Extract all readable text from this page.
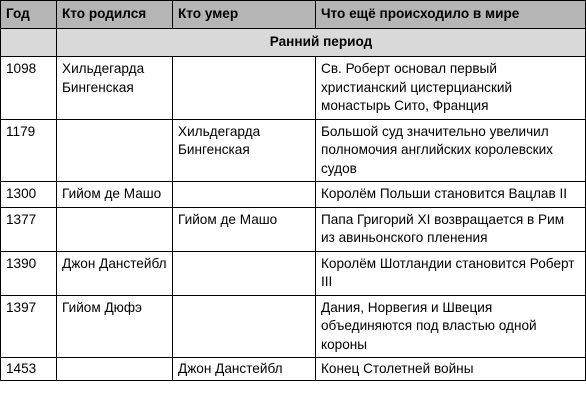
Год	Кто родился	Кто умер	Что ещё происходило в мире
	Ранний период		
1098	Хильдегарда Бингенская		Св. Роберт основал первый христианский цистерцианский монастырь Сито, Франция
1179		Хильдегарда Бингенская	Большой суд значительно увеличил полномочия английских королевских судов
1300	Гийом де Машо		Королём Польши становится Вацлав II
1377		Гийом де Машо	Папа Григорий XI возвращается в Рим из авиньонского пленения
1390	Джон Данстейбл		Королём Шотландии становится Роберт III
1397	Гийом Дюфэ		Дания, Норвегия и Швеция объединяются под властью одной короны
1453		Джон Данстейбл	Конец Столетней войны
